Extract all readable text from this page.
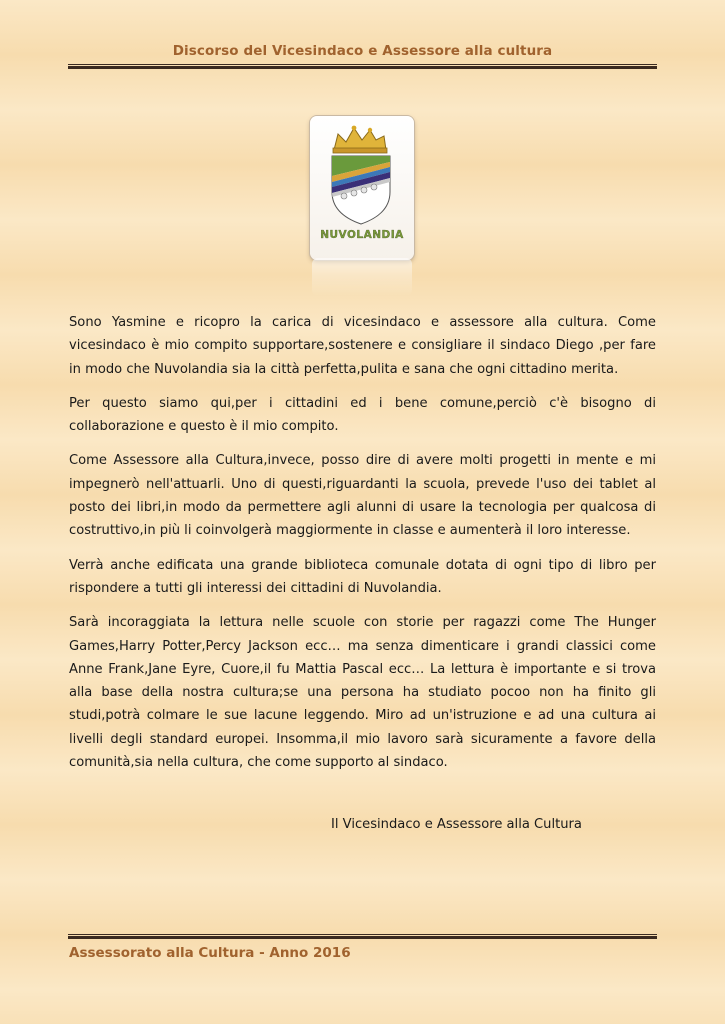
Discorso del Vicesindaco e Assessore alla cultura
NUVOLANDIA

Sono Yasmine e ricopro la carica di vicesindaco e assessore alla cultura. Come vicesindaco è mio compito supportare,sostenere e consigliare il sindaco Diego ,per fare in modo che Nuvolandia sia la città perfetta,pulita e sana che ogni cittadino merita.

Per questo siamo qui,per i cittadini ed i bene comune,perciò c'è bisogno di collaborazione e questo è il mio compito.

Come Assessore alla Cultura,invece, posso dire di avere molti progetti in mente e mi impegnerò nell'attuarli. Uno di questi,riguardanti la scuola, prevede l'uso dei tablet al posto dei libri,in modo da permettere agli alunni di usare la tecnologia per qualcosa di costruttivo,in più li coinvolgerà maggiormente in classe e aumenterà il loro interesse.

Verrà anche edificata una grande biblioteca comunale dotata di ogni tipo di libro per rispondere a tutti gli interessi dei cittadini di Nuvolandia.

Sarà incoraggiata la lettura nelle scuole con storie per ragazzi come The Hunger Games,Harry Potter,Percy Jackson ecc… ma senza dimenticare i grandi classici come Anne Frank,Jane Eyre, Cuore,il fu Mattia Pascal ecc… La lettura è importante e si trova alla base della nostra cultura;se una persona ha studiato pocoo non ha finito gli studi,potrà colmare le sue lacune leggendo. Miro ad un'istruzione e ad una cultura ai livelli degli standard europei. Insomma,il mio lavoro sarà sicuramente a favore della comunità,sia nella cultura, che come supporto al sindaco.

Il Vicesindaco e Assessore alla Cultura
Assessorato alla Cultura - Anno 2016
